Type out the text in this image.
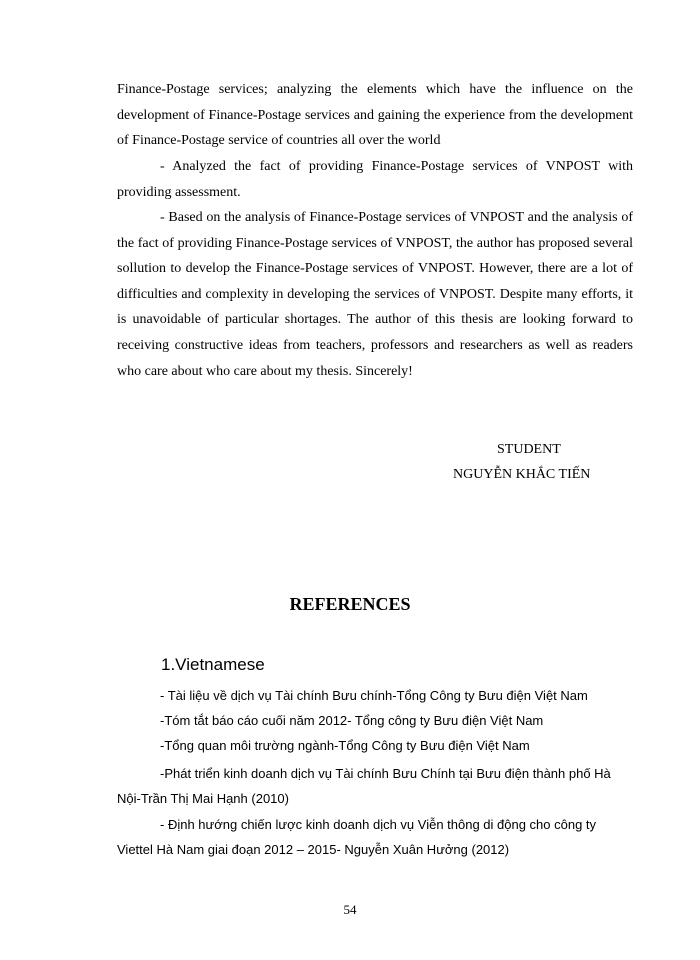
Finance-Postage services; analyzing the elements which have the influence on the development of Finance-Postage services and gaining the experience from the development of Finance-Postage service of countries all over the world

- Analyzed the fact of providing Finance-Postage services of VNPOST with providing assessment.

- Based on the analysis of Finance-Postage services of VNPOST and the analysis of the fact of providing Finance-Postage services of VNPOST, the author has proposed several sollution to develop the Finance-Postage services of VNPOST. However, there are a lot of difficulties and complexity in developing the services of VNPOST. Despite many efforts, it is unavoidable of particular shortages. The author of this thesis are looking forward to receiving constructive ideas from teachers, professors and researchers as well as readers who care about who care about my thesis. Sincerely!

STUDENT
NGUYỄN KHẮC TIẾN
REFERENCES
1.Vietnamese

- Tài liệu về dịch vụ Tài chính Bưu chính-Tổng Công ty Bưu điện Việt Nam

-Tóm tắt báo cáo cuối năm 2012- Tổng công ty Bưu điện Việt Nam

-Tổng quan môi trường ngành-Tổng Công ty Bưu điện Việt Nam

-Phát triển kinh doanh dịch vụ Tài chính Bưu Chính tại Bưu điện thành phố Hà Nội-Trần Thị Mai Hạnh (2010)

- Định hướng chiến lược kinh doanh dịch vụ Viễn thông di động cho công ty Viettel Hà Nam giai đoạn 2012 – 2015- Nguyễn Xuân Hưởng (2012)

54
